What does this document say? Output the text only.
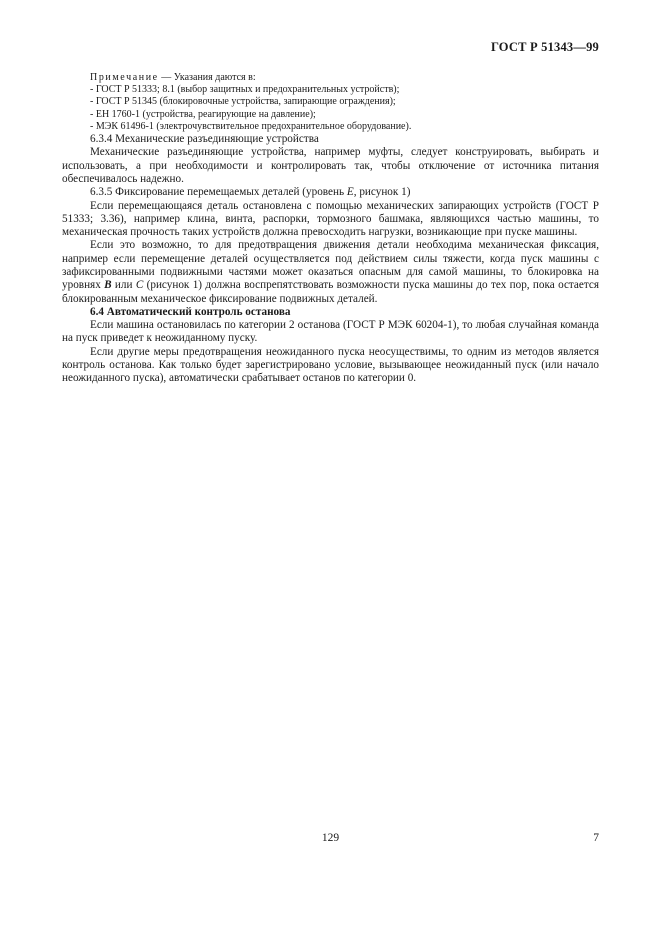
ГОСТ Р 51343—99
Примечание — Указания даются в:
- ГОСТ Р 51333; 8.1 (выбор защитных и предохранительных устройств);
- ГОСТ Р 51345 (блокировочные устройства, запирающие ограждения);
- ЕН 1760-1 (устройства, реагирующие на давление);
- МЭК 61496-1 (электрочувствительное предохранительное оборудование).

6.3.4 Механические разъединяющие устройства

Механические разъединяющие устройства, например муфты, следует конструировать, выбирать и использовать, а при необходимости и контролировать так, чтобы отключение от источника питания обеспечивалось надежно.

6.3.5 Фиксирование перемещаемых деталей (уровень E, рисунок 1)

Если перемещающаяся деталь остановлена с помощью механических запирающих устройств (ГОСТ Р 51333; 3.36), например клина, винта, распорки, тормозного башмака, являющихся частью машины, то механическая прочность таких устройств должна превосходить нагрузки, возникающие при пуске машины.

Если это возможно, то для предотвращения движения детали необходима механическая фиксация, например если перемещение деталей осуществляется под действием силы тяжести, когда пуск машины с зафиксированными подвижными частями может оказаться опасным для самой машины, то блокировка на уровнях B или C (рисунок 1) должна воспрепятствовать возможности пуска машины до тех пор, пока остается блокированным механическое фиксирование подвижных деталей.

6.4 Автоматический контроль останова

Если машина остановилась по категории 2 останова (ГОСТ Р МЭК 60204-1), то любая случайная команда на пуск приведет к неожиданному пуску.

Если другие меры предотвращения неожиданного пуска неосуществимы, то одним из методов является контроль останова. Как только будет зарегистрировано условие, вызывающее неожиданный пуск (или начало неожиданного пуска), автоматически срабатывает останов по категории 0.

129	7
